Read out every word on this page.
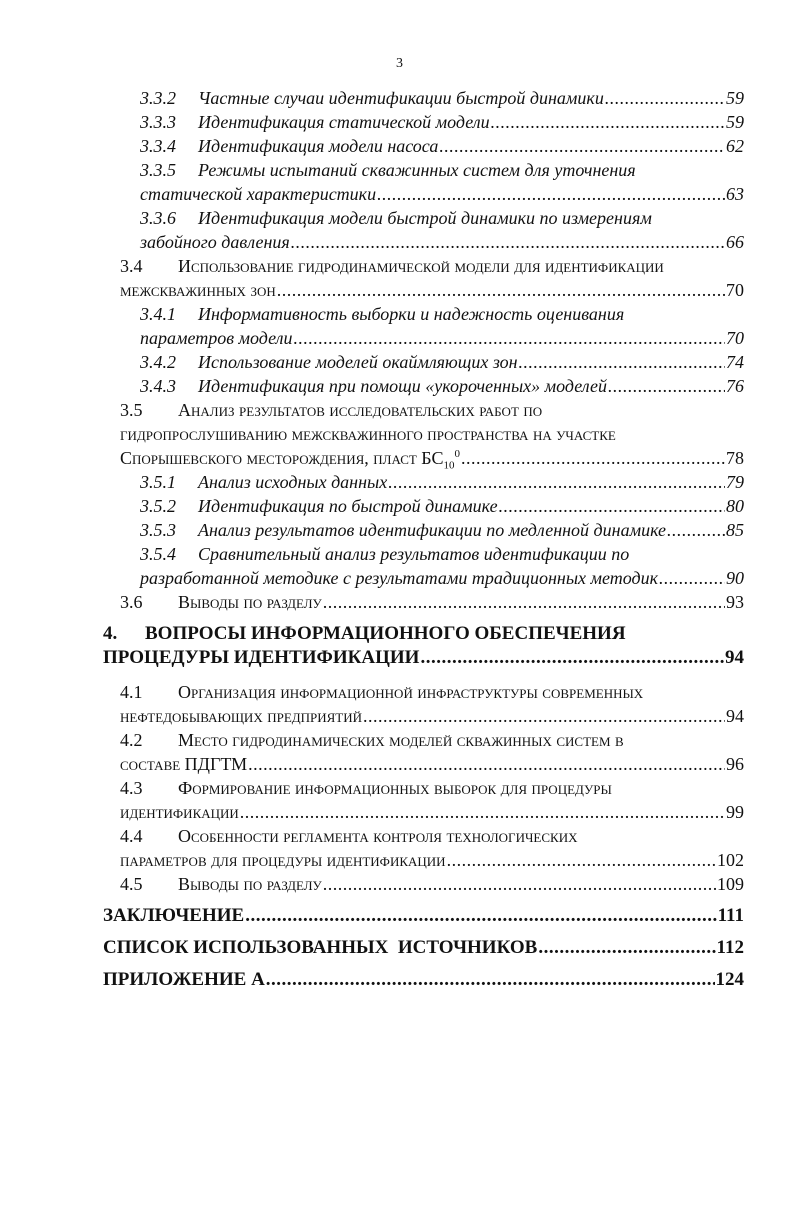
3
3.3.2	Частные случаи идентификации быстрой динамики .....	59
3.3.3	Идентификация статической модели .....	59
3.3.4	Идентификация модели насоса .....	62
3.3.5	Режимы испытаний скважинных систем для уточнения
статической характеристики .....	63
3.3.6	Идентификация модели быстрой динамики по измерениям
забойного давления .....	66
3.4	Использование гидродинамической модели для идентификации
межскважинных зон .....	70
3.4.1	Информативность выборки и надежность оценивания
параметров модели .....	70
3.4.2	Использование моделей окаймляющих зон .....	74
3.4.3	Идентификация при помощи «укороченных» моделей .....	76
3.5	Анализ результатов исследовательских работ по
гидропрослушиванию межскважинного пространства на участке
Спорышевского месторождения, пласт $БС_{10}^0$ .....	78
3.5.1	Анализ исходных данных .....	79
3.5.2	Идентификация по быстрой динамике .....	80
3.5.3	Анализ результатов идентификации по медленной динамике .....	85
3.5.4	Сравнительный анализ результатов идентификации по
разработанной методике с результатами традиционных методик .....	90
3.6	Выводы по разделу .....	93
4.	ВОПРОСЫ ИНФОРМАЦИОННОГО ОБЕСПЕЧЕНИЯ
ПРОЦЕДУРЫ ИДЕНТИФИКАЦИИ .....	94
4.1	Организация информационной инфраструктуры современных
нефтедобывающих предприятий .....	94
4.2	Место гидродинамических моделей скважинных систем в
составе ПДГТМ .....	96
4.3	Формирование информационных выборок для процедуры
идентификации .....	99
4.4	Особенности регламента контроля технологических
параметров для процедуры идентификации .....	102
4.5	Выводы по разделу .....	109
ЗАКЛЮЧЕНИЕ .....	111
СПИСОК ИСПОЛЬЗОВАННЫХ  ИСТОЧНИКОВ .....	112
ПРИЛОЖЕНИЕ А .....	124
